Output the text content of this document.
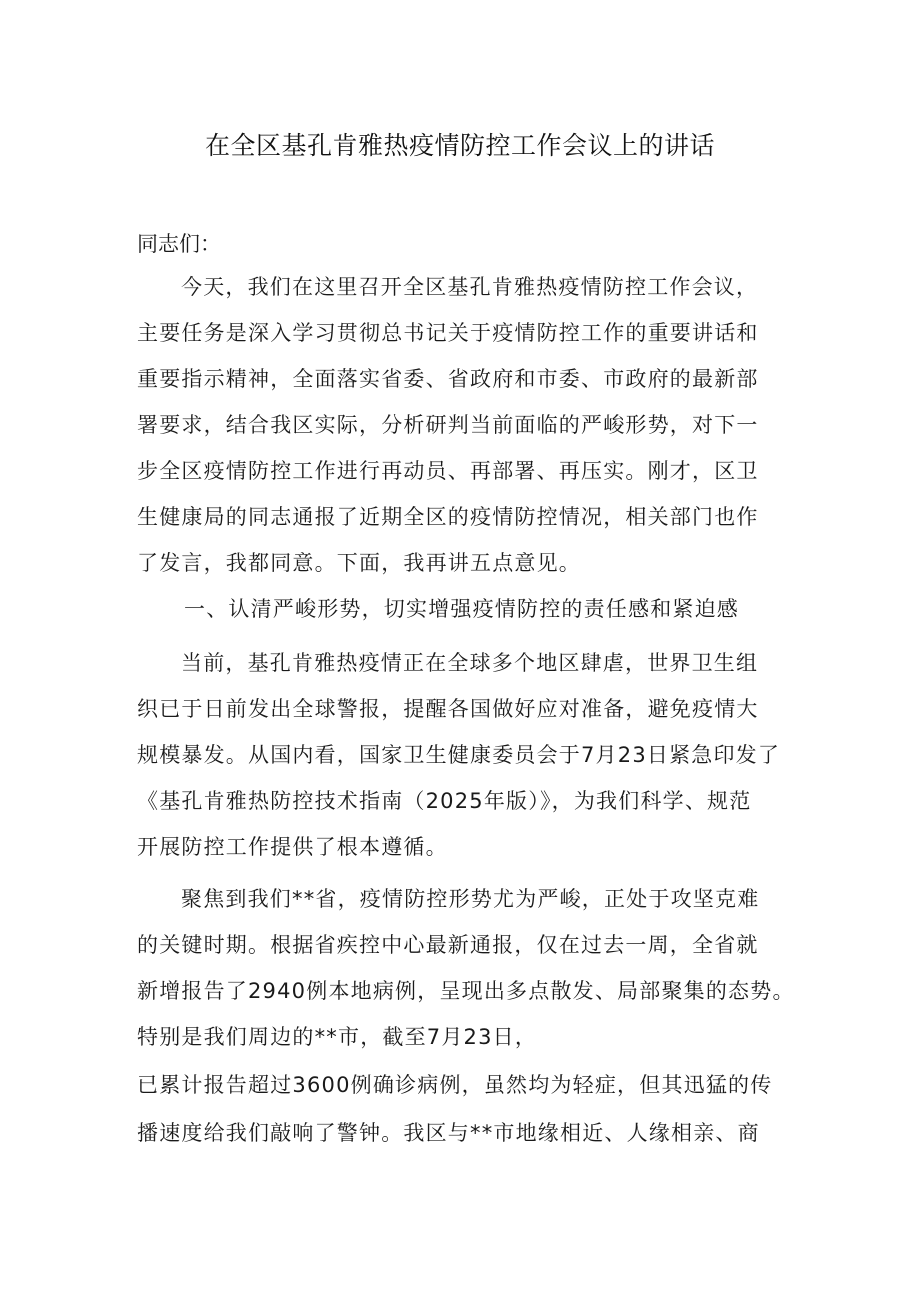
在全区基孔肯雅热疫情防控工作会议上的讲话
同志们：
今天，我们在这里召开全区基孔肯雅热疫情防控工作会议，
主要任务是深入学习贯彻总书记关于疫情防控工作的重要讲话和
重要指示精神，全面落实省委、省政府和市委、市政府的最新部
署要求，结合我区实际，分析研判当前面临的严峻形势，对下一
步全区疫情防控工作进行再动员、再部署、再压实。刚才，区卫
生健康局的同志通报了近期全区的疫情防控情况，相关部门也作
了发言，我都同意。下面，我再讲五点意见。
一、认清严峻形势，切实增强疫情防控的责任感和紧迫感
当前，基孔肯雅热疫情正在全球多个地区肆虐，世界卫生组
织已于日前发出全球警报，提醒各国做好应对准备，避免疫情大
规模暴发。从国内看，国家卫生健康委员会于7月23日紧急印发了
《基孔肯雅热防控技术指南（2025年版）》，为我们科学、规范
开展防控工作提供了根本遵循。
聚焦到我们**省，疫情防控形势尤为严峻，正处于攻坚克难
的关键时期。根据省疾控中心最新通报，仅在过去一周，全省就
新增报告了2940例本地病例，呈现出多点散发、局部聚集的态势。
特别是我们周边的**市，截至7月23日，
已累计报告超过3600例确诊病例，虽然均为轻症，但其迅猛的传
播速度给我们敲响了警钟。我区与**市地缘相近、人缘相亲、商
